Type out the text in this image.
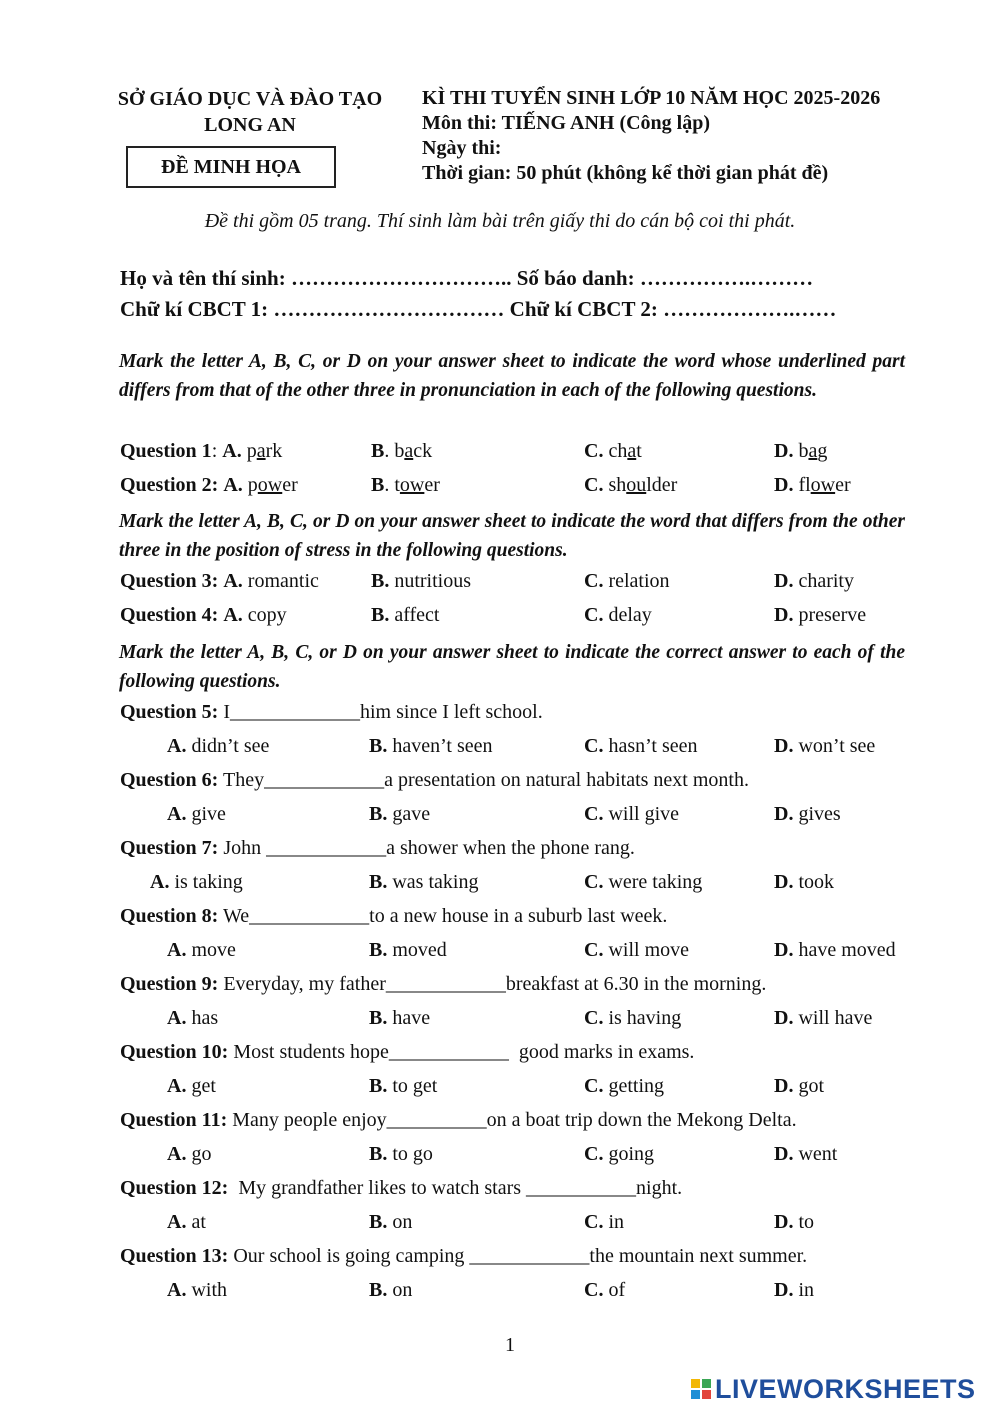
SỞ GIÁO DỤC VÀ ĐÀO TẠO
LONG AN
ĐỀ MINH HỌA
KÌ THI TUYỂN SINH LỚP 10 NĂM HỌC 2025-2026
Môn thi: TIẾNG ANH (Công lập)
Ngày thi:
Thời gian: 50 phút (không kể thời gian phát đề)
Đề thi gồm 05 trang. Thí sinh làm bài trên giấy thi do cán bộ coi thi phát.
Họ và tên thí sinh: ………………………….. Số báo danh: …………….………
Chữ kí CBCT 1: …………………………… Chữ kí CBCT 2: ……………….……
Mark the letter A, B, C, or D on your answer sheet to indicate the word whose underlined part differs from that of the other three in pronunciation in each of the following questions.
Question 1: A. park	B. back	C. chat	D. bag
Question 2: A. power	B. tower	C. shoulder	D. flower
Mark the letter A, B, C, or D on your answer sheet to indicate the word that differs from the other three in the position of stress in the following questions.
Question 3: A. romantic	B. nutritious	C. relation	D. charity
Question 4: A. copy	B. affect	C. delay	D. preserve
Mark the letter A, B, C, or D on your answer sheet to indicate the correct answer to each of the following questions.
Question 5: I_____________him since I left school.
A. didn’t see	B. haven’t seen	C. hasn’t seen	D. won’t see
Question 6: They____________a presentation on natural habitats next month.
A. give	B. gave	C. will give	D. gives
Question 7: John ____________a shower when the phone rang.
A. is taking	B. was taking	C. were taking	D. took
Question 8: We____________to a new house in a suburb last week.
A. move	B. moved	C. will move	D. have moved
Question 9: Everyday, my father____________breakfast at 6.30 in the morning.
A. has	B. have	C. is having	D. will have
Question 10: Most students hope____________  good marks in exams.
A. get	B. to get	C. getting	D. got
Question 11: Many people enjoy__________on a boat trip down the Mekong Delta.
A. go	B. to go	C. going	D. went
Question 12:  My grandfather likes to watch stars ___________night.
A. at	B. on	C. in	D. to
Question 13: Our school is going camping ____________the mountain next summer.
A. with	B. on	C. of	D. in
1
LIVEWORKSHEETS
